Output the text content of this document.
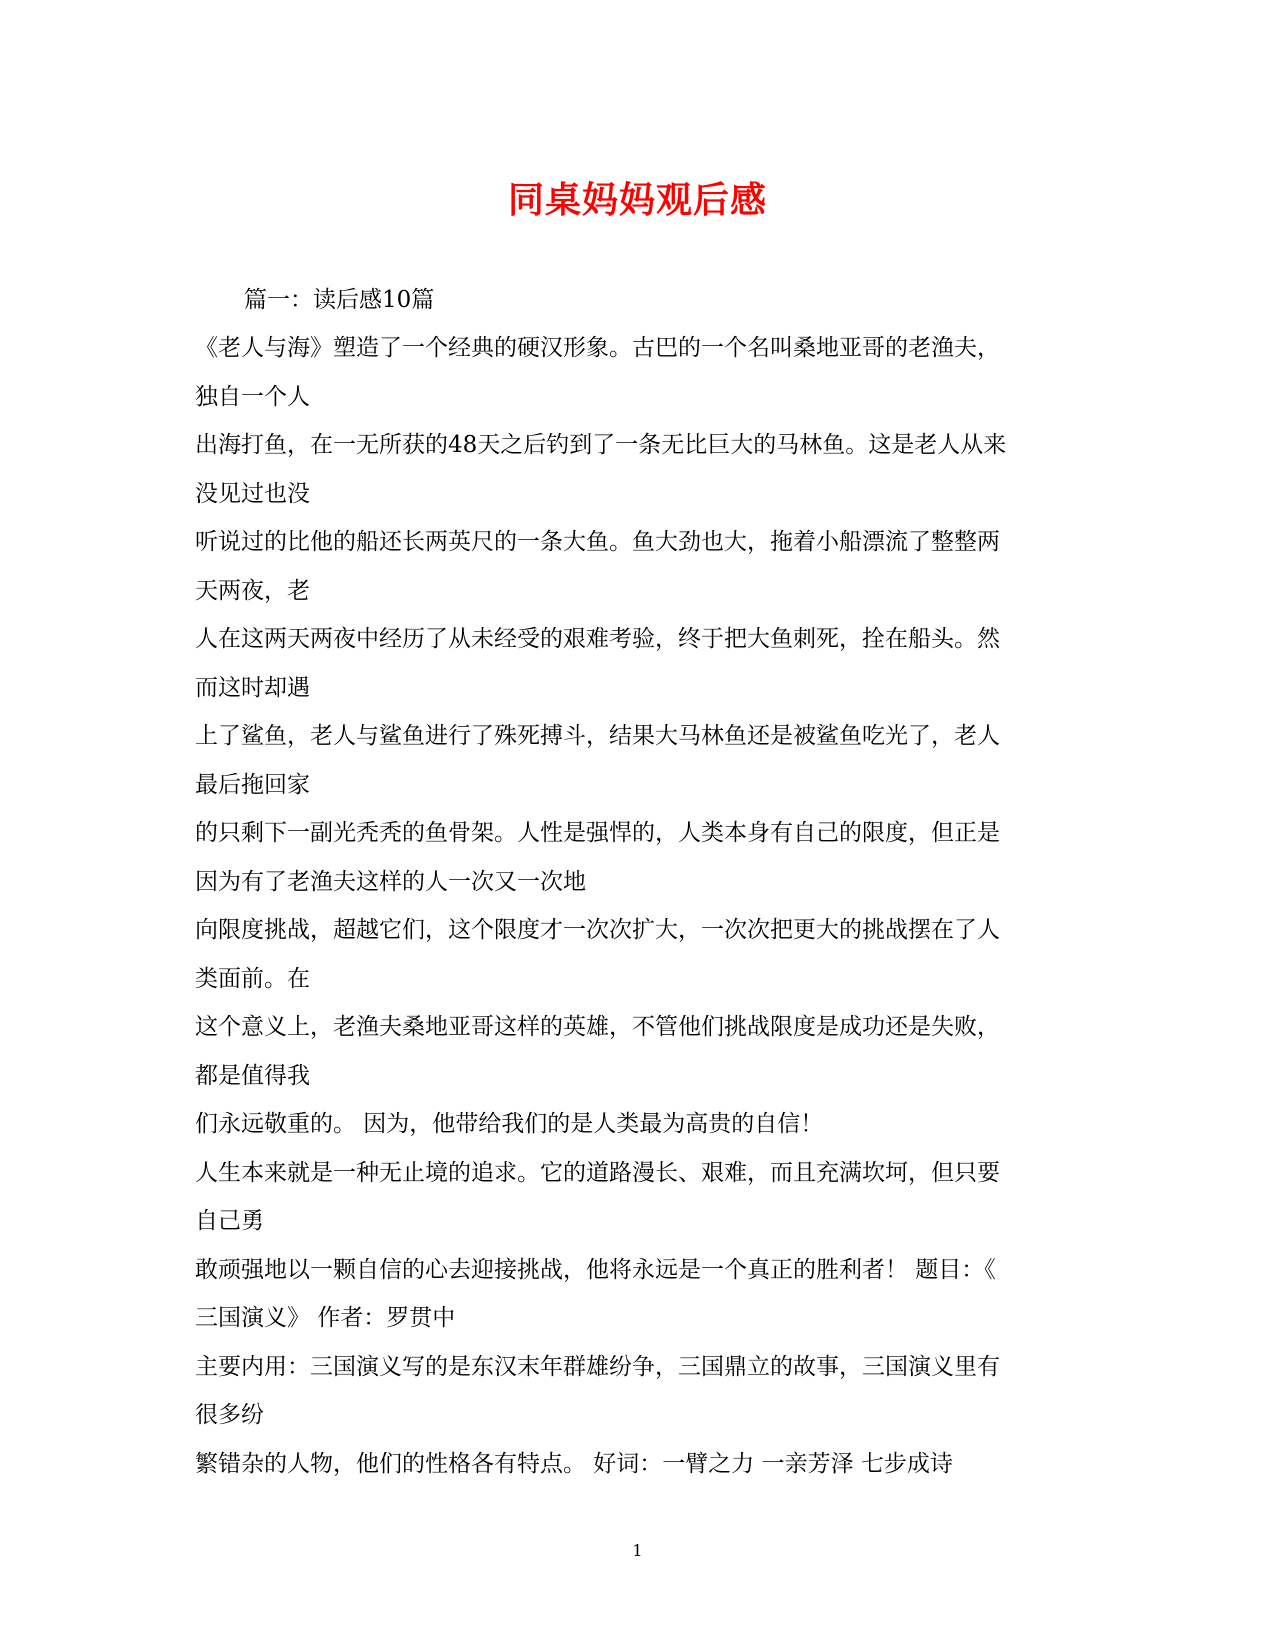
同桌妈妈观后感
篇一：读后感10篇
《老人与海》塑造了一个经典的硬汉形象。古巴的一个名叫桑地亚哥的老渔夫，
独自一个人
出海打鱼，在一无所获的48天之后钓到了一条无比巨大的马林鱼。这是老人从来
没见过也没
听说过的比他的船还长两英尺的一条大鱼。鱼大劲也大，拖着小船漂流了整整两
天两夜，老
人在这两天两夜中经历了从未经受的艰难考验，终于把大鱼刺死，拴在船头。然
而这时却遇
上了鲨鱼，老人与鲨鱼进行了殊死搏斗，结果大马林鱼还是被鲨鱼吃光了，老人
最后拖回家
的只剩下一副光秃秃的鱼骨架。人性是强悍的，人类本身有自己的限度，但正是
因为有了老渔夫这样的人一次又一次地
向限度挑战，超越它们，这个限度才一次次扩大，一次次把更大的挑战摆在了人
类面前。在
这个意义上，老渔夫桑地亚哥这样的英雄，不管他们挑战限度是成功还是失败，
都是值得我
们永远敬重的。 因为，他带给我们的是人类最为高贵的自信！
人生本来就是一种无止境的追求。它的道路漫长、艰难，而且充满坎坷，但只要
自己勇
敢顽强地以一颗自信的心去迎接挑战，他将永远是一个真正的胜利者！ 题目：《
三国演义》 作者：罗贯中
主要内用：三国演义写的是东汉末年群雄纷争，三国鼎立的故事，三国演义里有
很多纷
繁错杂的人物，他们的性格各有特点。 好词：一臂之力 一亲芳泽 七步成诗
1
